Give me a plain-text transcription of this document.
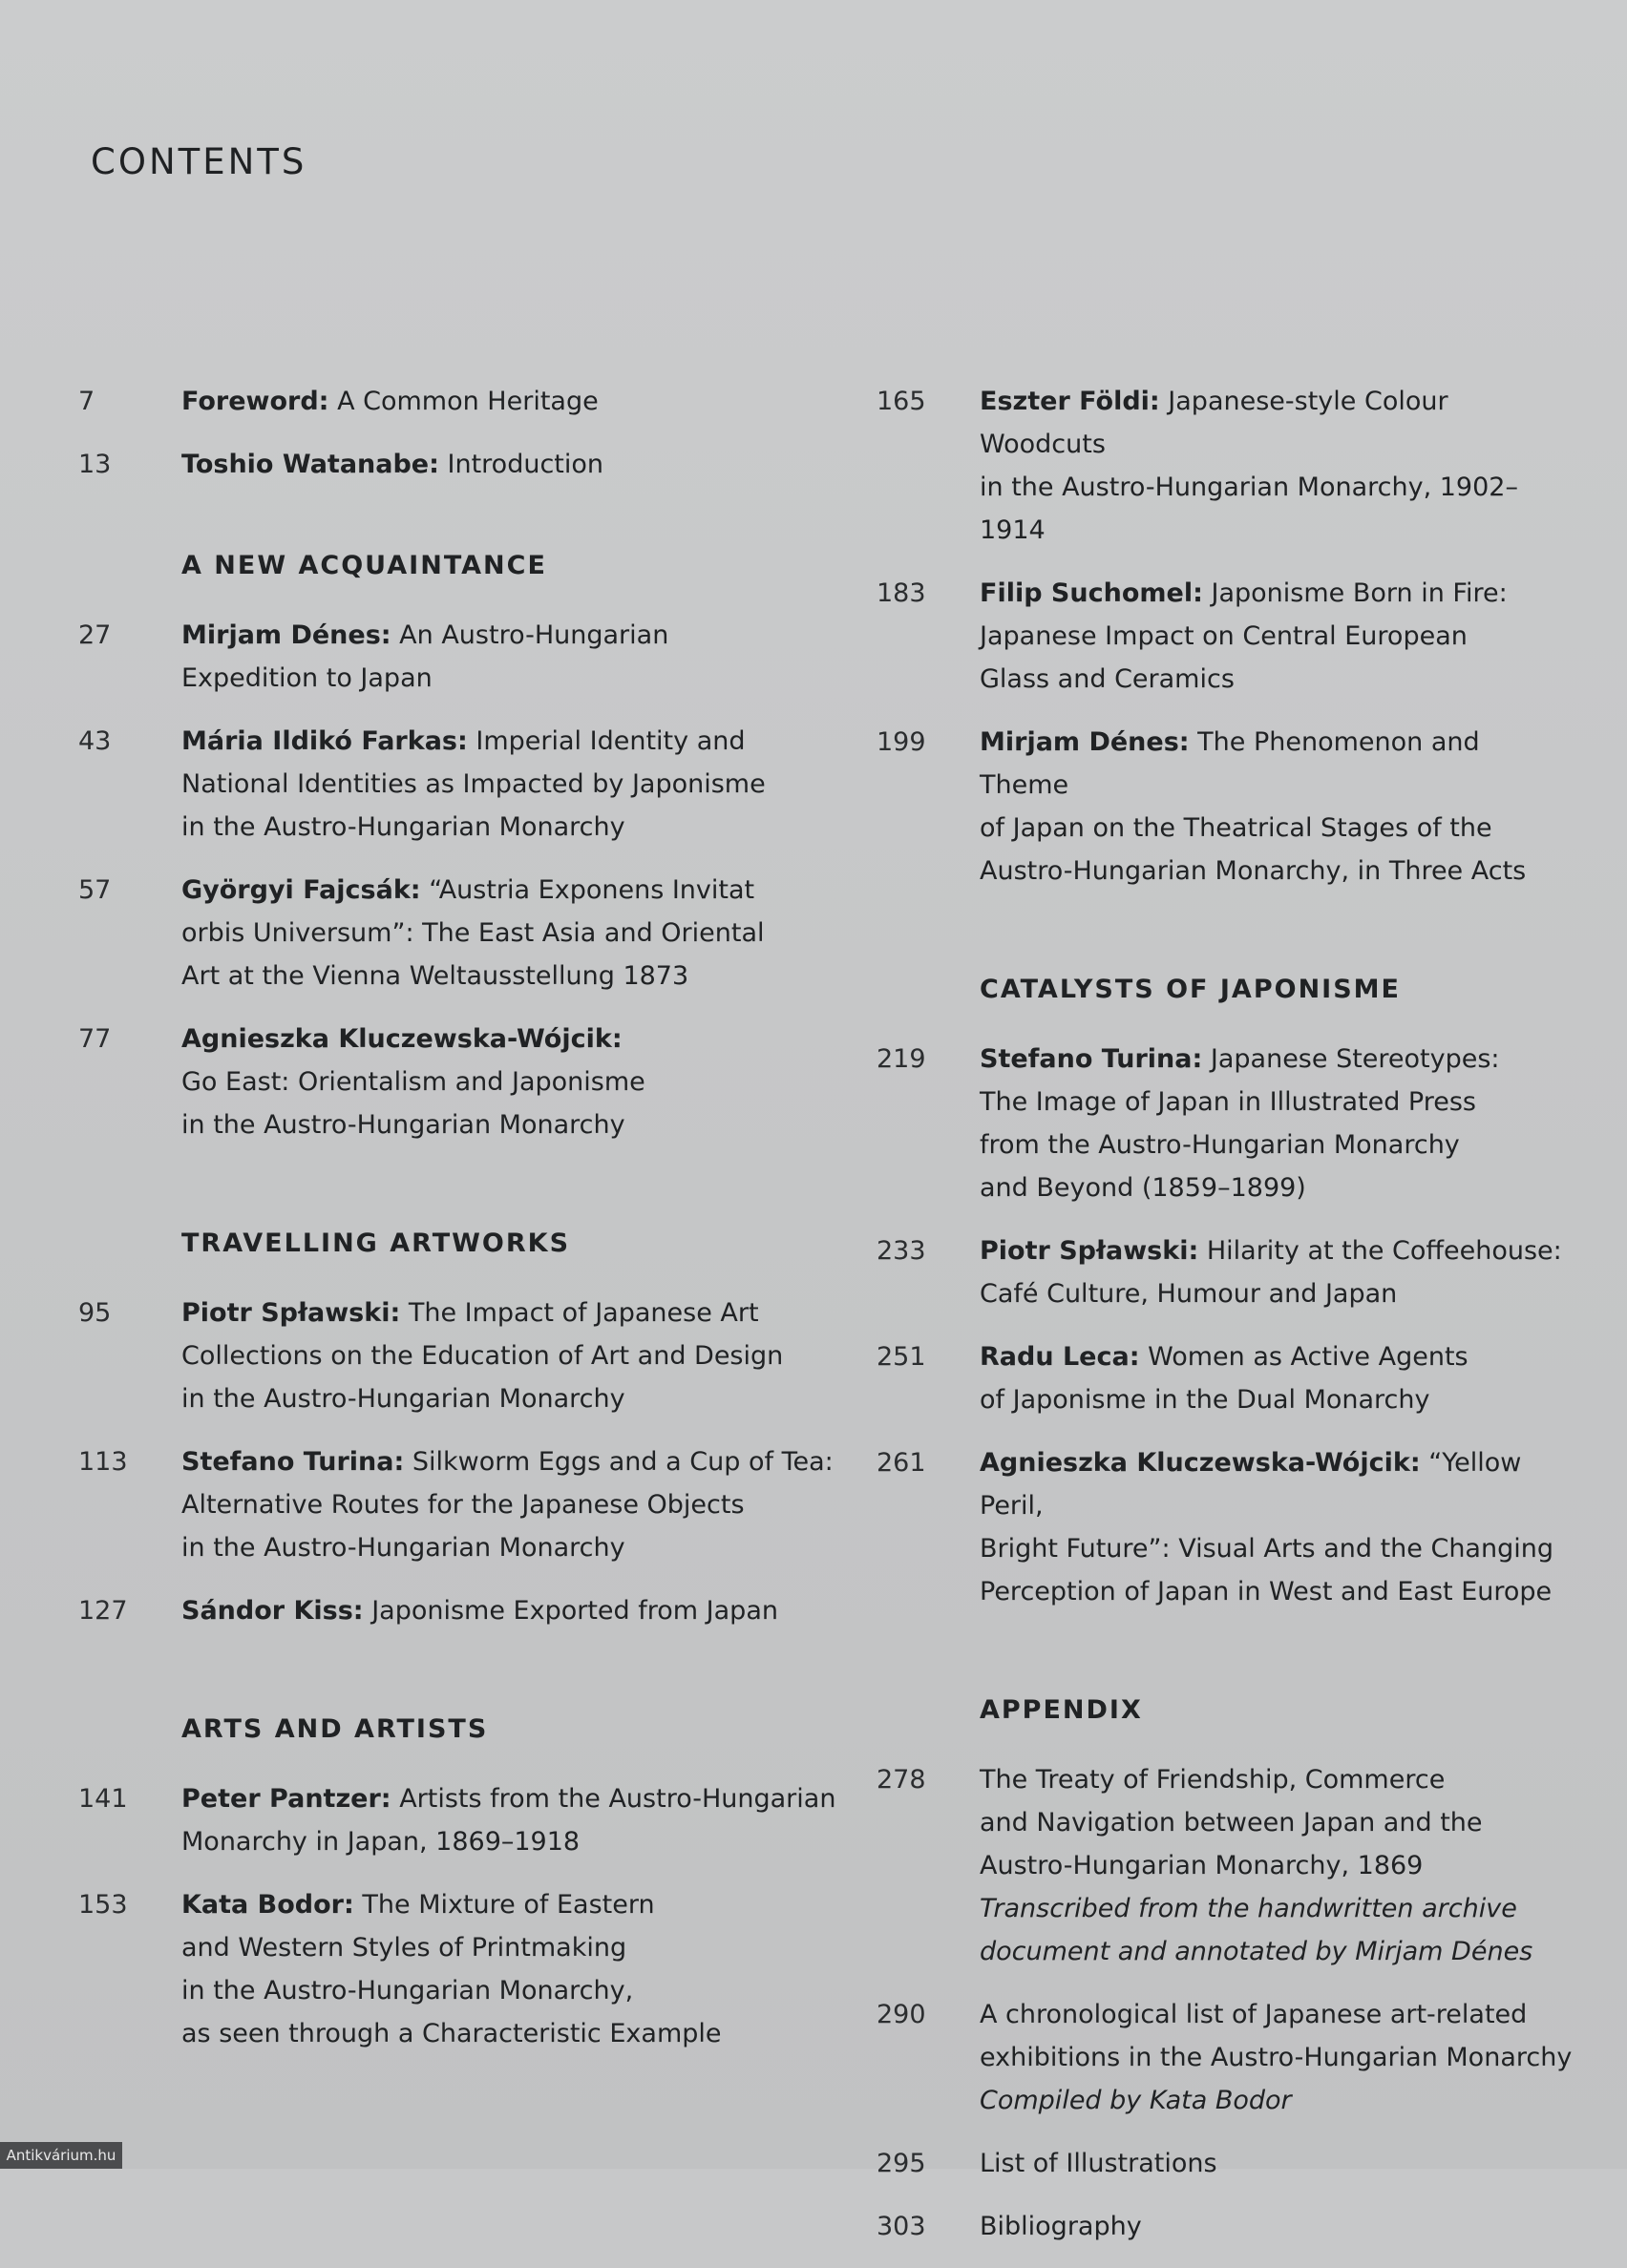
CONTENTS
7	Foreword: A Common Heritage
13	Toshio Watanabe: Introduction
A NEW ACQUAINTANCE
27	Mirjam Dénes: An Austro-Hungarian
Expedition to Japan
43	Mária Ildikó Farkas: Imperial Identity and
National Identities as Impacted by Japonisme
in the Austro-Hungarian Monarchy
57	Györgyi Fajcsák: “Austria Exponens Invitat
orbis Universum”: The East Asia and Oriental
Art at the Vienna Weltausstellung 1873
77	Agnieszka Kluczewska-Wójcik:
Go East: Orientalism and Japonisme
in the Austro-Hungarian Monarchy
TRAVELLING ARTWORKS
95	Piotr Spławski: The Impact of Japanese Art
Collections on the Education of Art and Design
in the Austro-Hungarian Monarchy
113	Stefano Turina: Silkworm Eggs and a Cup of Tea:
Alternative Routes for the Japanese Objects
in the Austro-Hungarian Monarchy
127	Sándor Kiss: Japonisme Exported from Japan
ARTS AND ARTISTS
141	Peter Pantzer: Artists from the Austro-Hungarian
Monarchy in Japan, 1869–1918
153	Kata Bodor: The Mixture of Eastern
and Western Styles of Printmaking
in the Austro-Hungarian Monarchy,
as seen through a Characteristic Example
165	Eszter Földi: Japanese-style Colour Woodcuts
in the Austro-Hungarian Monarchy, 1902–1914
183	Filip Suchomel: Japonisme Born in Fire:
Japanese Impact on Central European
Glass and Ceramics
199	Mirjam Dénes: The Phenomenon and Theme
of Japan on the Theatrical Stages of the
Austro-Hungarian Monarchy, in Three Acts
CATALYSTS OF JAPONISME
219	Stefano Turina: Japanese Stereotypes:
The Image of Japan in Illustrated Press
from the Austro-Hungarian Monarchy
and Beyond (1859–1899)
233	Piotr Spławski: Hilarity at the Coffeehouse:
Café Culture, Humour and Japan
251	Radu Leca: Women as Active Agents
of Japonisme in the Dual Monarchy
261	Agnieszka Kluczewska-Wójcik: “Yellow Peril,
Bright Future”: Visual Arts and the Changing
Perception of Japan in West and East Europe
APPENDIX
278	The Treaty of Friendship, Commerce
and Navigation between Japan and the
Austro-Hungarian Monarchy, 1869
Transcribed from the handwritten archive
document and annotated by Mirjam Dénes
290	A chronological list of Japanese art-related
exhibitions in the Austro-Hungarian Monarchy
Compiled by Kata Bodor
295	List of Illustrations
303	Bibliography
Antikvárium.hu
